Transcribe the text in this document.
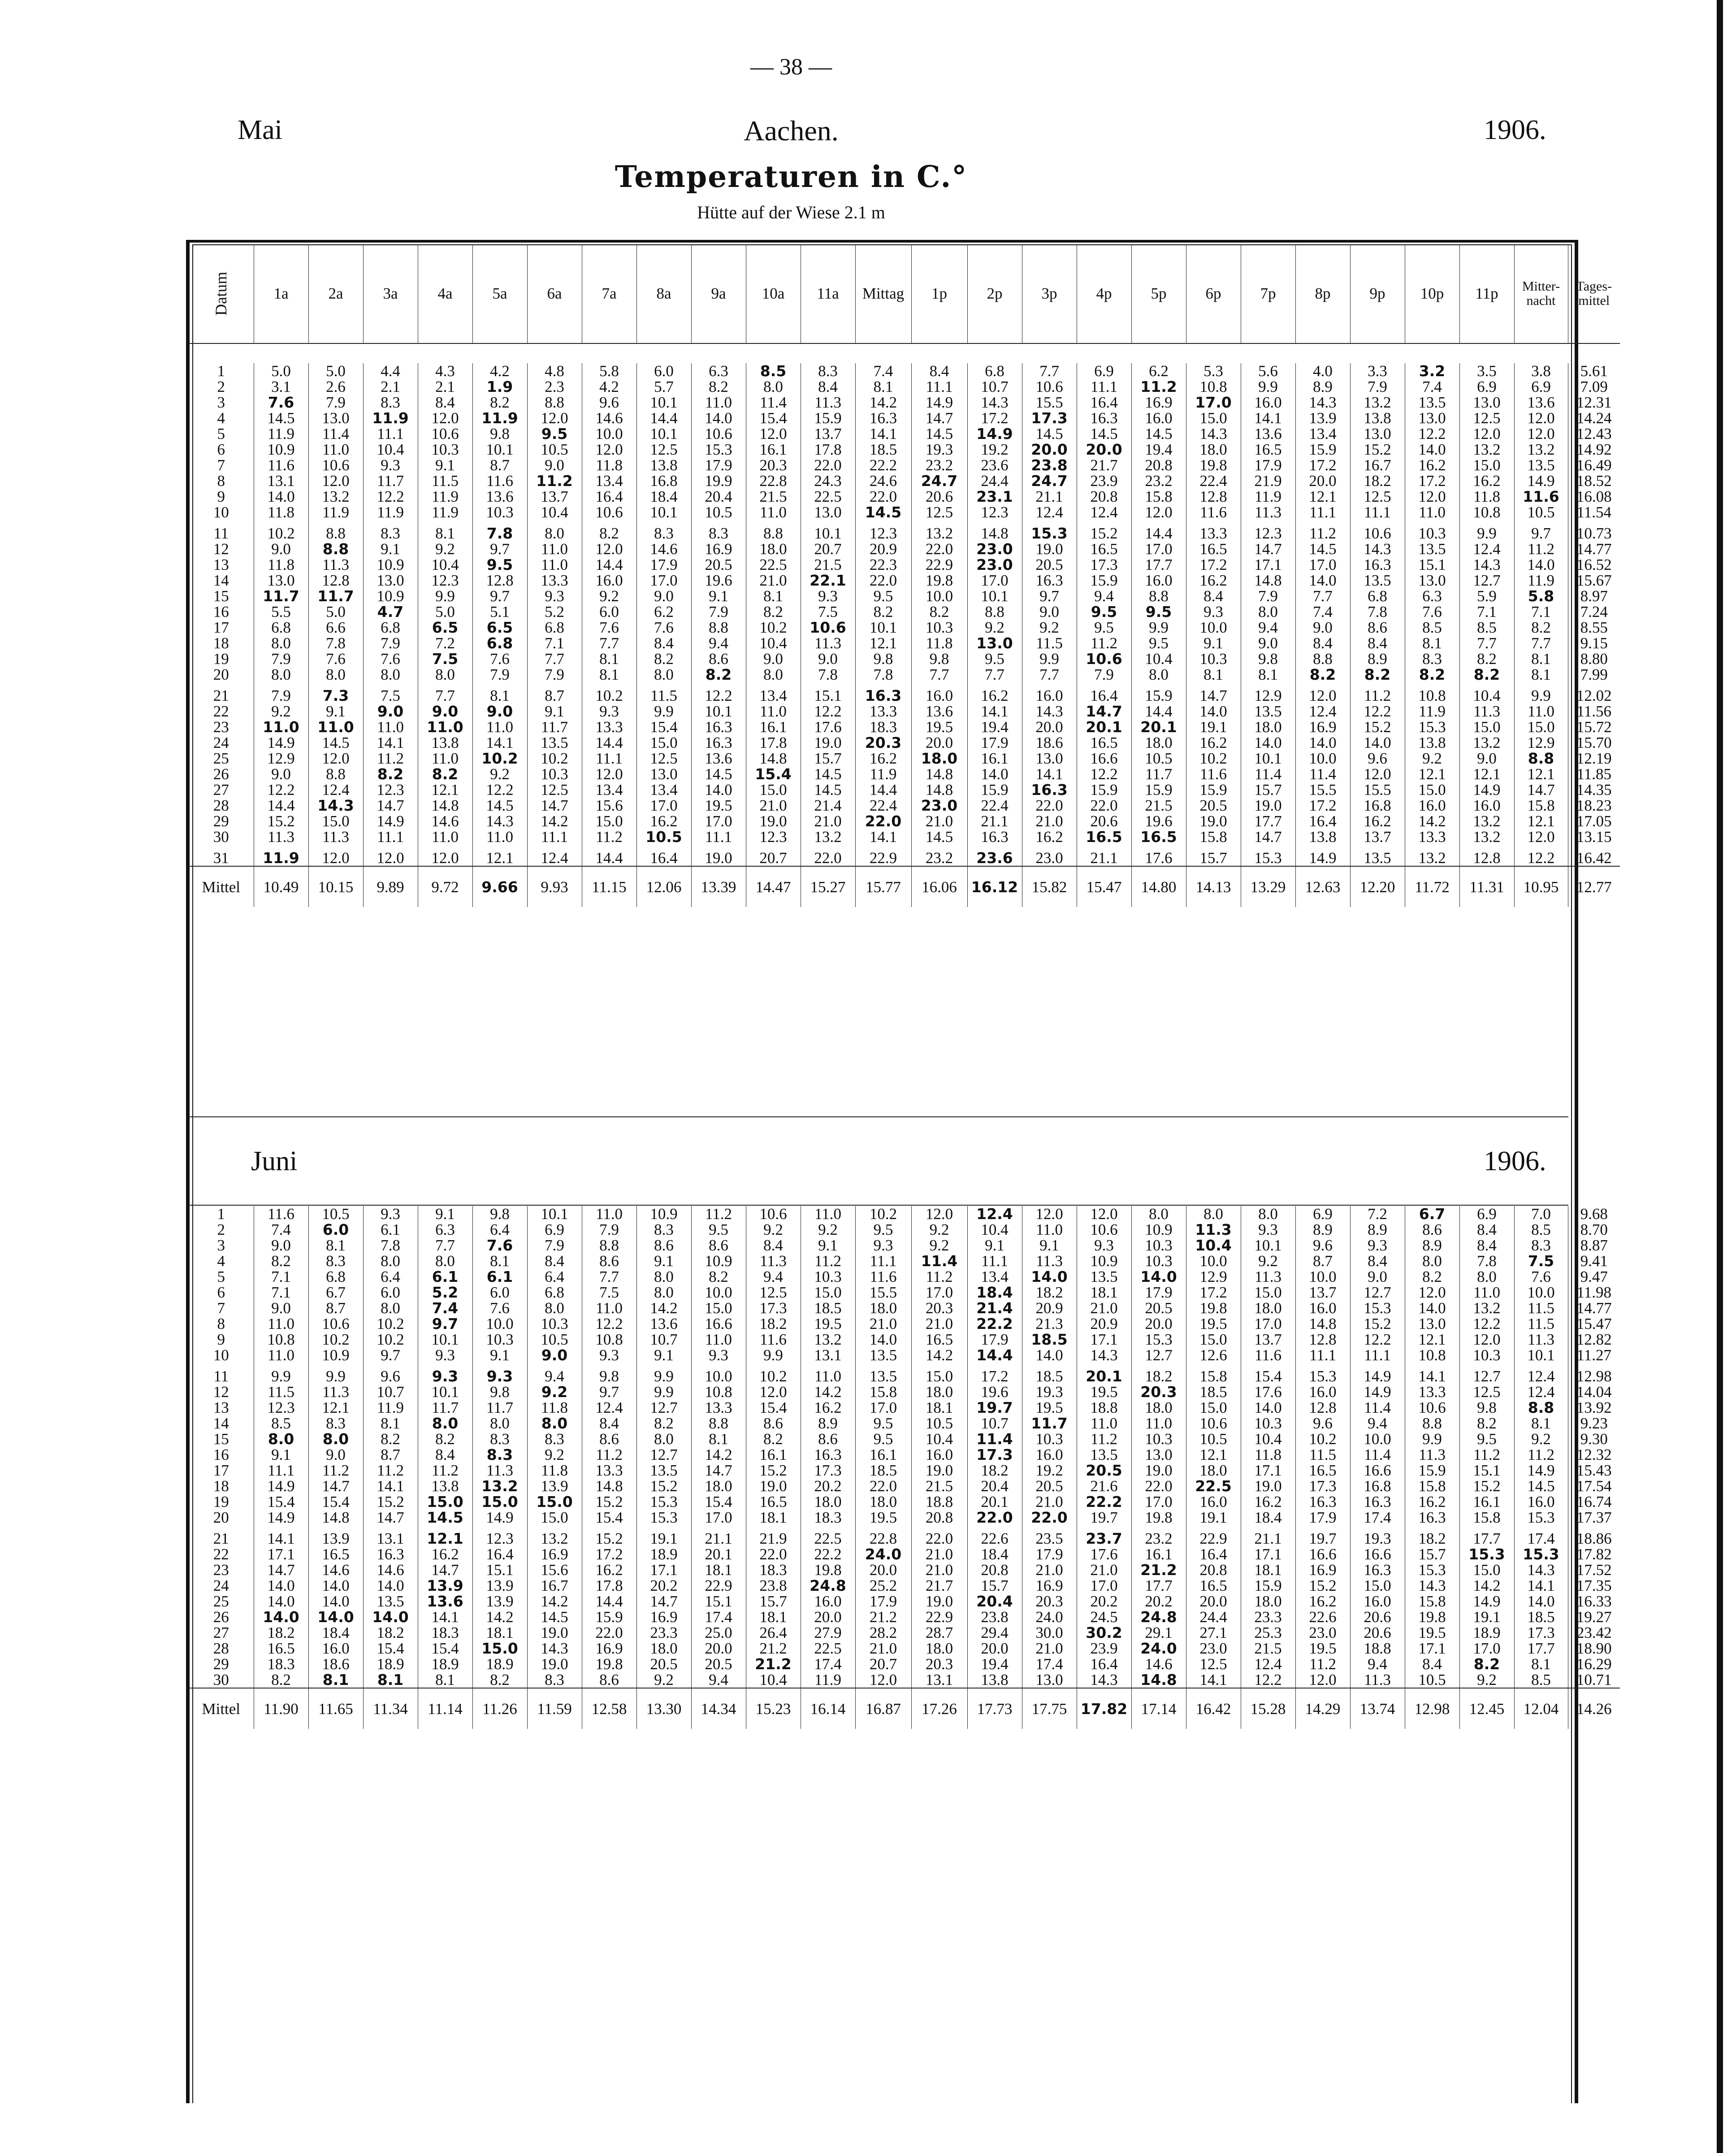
— 38 —
Mai	Aachen.	1906.
Temperaturen in C.°
Hütte auf der Wiese 2.1 m
Datum	1a	2a	3a	4a	5a	6a	7a	8a	9a	10a	11a	Mittag	1p	2p	3p	4p	5p	6p	7p	8p	9p	10p	11p	Mitter-
nacht	Tages-
mittel
1	5.0	5.0	4.4	4.3	4.2	4.8	5.8	6.0	6.3	8.5	8.3	7.4	8.4	6.8	7.7	6.9	6.2	5.3	5.6	4.0	3.3	3.2	3.5	3.8	5.61
2	3.1	2.6	2.1	2.1	1.9	2.3	4.2	5.7	8.2	8.0	8.4	8.1	11.1	10.7	10.6	11.1	11.2	10.8	9.9	8.9	7.9	7.4	6.9	6.9	7.09
3	7.6	7.9	8.3	8.4	8.2	8.8	9.6	10.1	11.0	11.4	11.3	14.2	14.9	14.3	15.5	16.4	16.9	17.0	16.0	14.3	13.2	13.5	13.0	13.6	12.31
4	14.5	13.0	11.9	12.0	11.9	12.0	14.6	14.4	14.0	15.4	15.9	16.3	14.7	17.2	17.3	16.3	16.0	15.0	14.1	13.9	13.8	13.0	12.5	12.0	14.24
5	11.9	11.4	11.1	10.6	9.8	9.5	10.0	10.1	10.6	12.0	13.7	14.1	14.5	14.9	14.5	14.5	14.5	14.3	13.6	13.4	13.0	12.2	12.0	12.0	12.43
6	10.9	11.0	10.4	10.3	10.1	10.5	12.0	12.5	15.3	16.1	17.8	18.5	19.3	19.2	20.0	20.0	19.4	18.0	16.5	15.9	15.2	14.0	13.2	13.2	14.92
7	11.6	10.6	9.3	9.1	8.7	9.0	11.8	13.8	17.9	20.3	22.0	22.2	23.2	23.6	23.8	21.7	20.8	19.8	17.9	17.2	16.7	16.2	15.0	13.5	16.49
8	13.1	12.0	11.7	11.5	11.6	11.2	13.4	16.8	19.9	22.8	24.3	24.6	24.7	24.4	24.7	23.9	23.2	22.4	21.9	20.0	18.2	17.2	16.2	14.9	18.52
9	14.0	13.2	12.2	11.9	13.6	13.7	16.4	18.4	20.4	21.5	22.5	22.0	20.6	23.1	21.1	20.8	15.8	12.8	11.9	12.1	12.5	12.0	11.8	11.6	16.08
10	11.8	11.9	11.9	11.9	10.3	10.4	10.6	10.1	10.5	11.0	13.0	14.5	12.5	12.3	12.4	12.4	12.0	11.6	11.3	11.1	11.1	11.0	10.8	10.5	11.54
11	10.2	8.8	8.3	8.1	7.8	8.0	8.2	8.3	8.3	8.8	10.1	12.3	13.2	14.8	15.3	15.2	14.4	13.3	12.3	11.2	10.6	10.3	9.9	9.7	10.73
12	9.0	8.8	9.1	9.2	9.7	11.0	12.0	14.6	16.9	18.0	20.7	20.9	22.0	23.0	19.0	16.5	17.0	16.5	14.7	14.5	14.3	13.5	12.4	11.2	14.77
13	11.8	11.3	10.9	10.4	9.5	11.0	14.4	17.9	20.5	22.5	21.5	22.3	22.9	23.0	20.5	17.3	17.7	17.2	17.1	17.0	16.3	15.1	14.3	14.0	16.52
14	13.0	12.8	13.0	12.3	12.8	13.3	16.0	17.0	19.6	21.0	22.1	22.0	19.8	17.0	16.3	15.9	16.0	16.2	14.8	14.0	13.5	13.0	12.7	11.9	15.67
15	11.7	11.7	10.9	9.9	9.7	9.3	9.2	9.0	9.1	8.1	9.3	9.5	10.0	10.1	9.7	9.4	8.8	8.4	7.9	7.7	6.8	6.3	5.9	5.8	8.97
16	5.5	5.0	4.7	5.0	5.1	5.2	6.0	6.2	7.9	8.2	7.5	8.2	8.2	8.8	9.0	9.5	9.5	9.3	8.0	7.4	7.8	7.6	7.1	7.1	7.24
17	6.8	6.6	6.8	6.5	6.5	6.8	7.6	7.6	8.8	10.2	10.6	10.1	10.3	9.2	9.2	9.5	9.9	10.0	9.4	9.0	8.6	8.5	8.5	8.2	8.55
18	8.0	7.8	7.9	7.2	6.8	7.1	7.7	8.4	9.4	10.4	11.3	12.1	11.8	13.0	11.5	11.2	9.5	9.1	9.0	8.4	8.4	8.1	7.7	7.7	9.15
19	7.9	7.6	7.6	7.5	7.6	7.7	8.1	8.2	8.6	9.0	9.0	9.8	9.8	9.5	9.9	10.6	10.4	10.3	9.8	8.8	8.9	8.3	8.2	8.1	8.80
20	8.0	8.0	8.0	8.0	7.9	7.9	8.1	8.0	8.2	8.0	7.8	7.8	7.7	7.7	7.7	7.9	8.0	8.1	8.1	8.2	8.2	8.2	8.2	8.1	7.99
21	7.9	7.3	7.5	7.7	8.1	8.7	10.2	11.5	12.2	13.4	15.1	16.3	16.0	16.2	16.0	16.4	15.9	14.7	12.9	12.0	11.2	10.8	10.4	9.9	12.02
22	9.2	9.1	9.0	9.0	9.0	9.1	9.3	9.9	10.1	11.0	12.2	13.3	13.6	14.1	14.3	14.7	14.4	14.0	13.5	12.4	12.2	11.9	11.3	11.0	11.56
23	11.0	11.0	11.0	11.0	11.0	11.7	13.3	15.4	16.3	16.1	17.6	18.3	19.5	19.4	20.0	20.1	20.1	19.1	18.0	16.9	15.2	15.3	15.0	15.0	15.72
24	14.9	14.5	14.1	13.8	14.1	13.5	14.4	15.0	16.3	17.8	19.0	20.3	20.0	17.9	18.6	16.5	18.0	16.2	14.0	14.0	14.0	13.8	13.2	12.9	15.70
25	12.9	12.0	11.2	11.0	10.2	10.2	11.1	12.5	13.6	14.8	15.7	16.2	18.0	16.1	13.0	16.6	10.5	10.2	10.1	10.0	9.6	9.2	9.0	8.8	12.19
26	9.0	8.8	8.2	8.2	9.2	10.3	12.0	13.0	14.5	15.4	14.5	11.9	14.8	14.0	14.1	12.2	11.7	11.6	11.4	11.4	12.0	12.1	12.1	12.1	11.85
27	12.2	12.4	12.3	12.1	12.2	12.5	13.4	13.4	14.0	15.0	14.5	14.4	14.8	15.9	16.3	15.9	15.9	15.9	15.7	15.5	15.5	15.0	14.9	14.7	14.35
28	14.4	14.3	14.7	14.8	14.5	14.7	15.6	17.0	19.5	21.0	21.4	22.4	23.0	22.4	22.0	22.0	21.5	20.5	19.0	17.2	16.8	16.0	16.0	15.8	18.23
29	15.2	15.0	14.9	14.6	14.3	14.2	15.0	16.2	17.0	19.0	21.0	22.0	21.0	21.1	21.0	20.6	19.6	19.0	17.7	16.4	16.2	14.2	13.2	12.1	17.05
30	11.3	11.3	11.1	11.0	11.0	11.1	11.2	10.5	11.1	12.3	13.2	14.1	14.5	16.3	16.2	16.5	16.5	15.8	14.7	13.8	13.7	13.3	13.2	12.0	13.15
31	11.9	12.0	12.0	12.0	12.1	12.4	14.4	16.4	19.0	20.7	22.0	22.9	23.2	23.6	23.0	21.1	17.6	15.7	15.3	14.9	13.5	13.2	12.8	12.2	16.42
Mittel	10.49	10.15	9.89	9.72	9.66	9.93	11.15	12.06	13.39	14.47	15.27	15.77	16.06	16.12	15.82	15.47	14.80	14.13	13.29	12.63	12.20	11.72	11.31	10.95	12.77
Juni	1906.
1	11.6	10.5	9.3	9.1	9.8	10.1	11.0	10.9	11.2	10.6	11.0	10.2	12.0	12.4	12.0	12.0	8.0	8.0	8.0	6.9	7.2	6.7	6.9	7.0	9.68
2	7.4	6.0	6.1	6.3	6.4	6.9	7.9	8.3	9.5	9.2	9.2	9.5	9.2	10.4	11.0	10.6	10.9	11.3	9.3	8.9	8.9	8.6	8.4	8.5	8.70
3	9.0	8.1	7.8	7.7	7.6	7.9	8.8	8.6	8.6	8.4	9.1	9.3	9.2	9.1	9.1	9.3	10.3	10.4	10.1	9.6	9.3	8.9	8.4	8.3	8.87
4	8.2	8.3	8.0	8.0	8.1	8.4	8.6	9.1	10.9	11.3	11.2	11.1	11.4	11.1	11.3	10.9	10.3	10.0	9.2	8.7	8.4	8.0	7.8	7.5	9.41
5	7.1	6.8	6.4	6.1	6.1	6.4	7.7	8.0	8.2	9.4	10.3	11.6	11.2	13.4	14.0	13.5	14.0	12.9	11.3	10.0	9.0	8.2	8.0	7.6	9.47
6	7.1	6.7	6.0	5.2	6.0	6.8	7.5	8.0	10.0	12.5	15.0	15.5	17.0	18.4	18.2	18.1	17.9	17.2	15.0	13.7	12.7	12.0	11.0	10.0	11.98
7	9.0	8.7	8.0	7.4	7.6	8.0	11.0	14.2	15.0	17.3	18.5	18.0	20.3	21.4	20.9	21.0	20.5	19.8	18.0	16.0	15.3	14.0	13.2	11.5	14.77
8	11.0	10.6	10.2	9.7	10.0	10.3	12.2	13.6	16.6	18.2	19.5	21.0	21.0	22.2	21.3	20.9	20.0	19.5	17.0	14.8	15.2	13.0	12.2	11.5	15.47
9	10.8	10.2	10.2	10.1	10.3	10.5	10.8	10.7	11.0	11.6	13.2	14.0	16.5	17.9	18.5	17.1	15.3	15.0	13.7	12.8	12.2	12.1	12.0	11.3	12.82
10	11.0	10.9	9.7	9.3	9.1	9.0	9.3	9.1	9.3	9.9	13.1	13.5	14.2	14.4	14.0	14.3	12.7	12.6	11.6	11.1	11.1	10.8	10.3	10.1	11.27
11	9.9	9.9	9.6	9.3	9.3	9.4	9.8	9.9	10.0	10.2	11.0	13.5	15.0	17.2	18.5	20.1	18.2	15.8	15.4	15.3	14.9	14.1	12.7	12.4	12.98
12	11.5	11.3	10.7	10.1	9.8	9.2	9.7	9.9	10.8	12.0	14.2	15.8	18.0	19.6	19.3	19.5	20.3	18.5	17.6	16.0	14.9	13.3	12.5	12.4	14.04
13	12.3	12.1	11.9	11.7	11.7	11.8	12.4	12.7	13.3	15.4	16.2	17.0	18.1	19.7	19.5	18.8	18.0	15.0	14.0	12.8	11.4	10.6	9.8	8.8	13.92
14	8.5	8.3	8.1	8.0	8.0	8.0	8.4	8.2	8.8	8.6	8.9	9.5	10.5	10.7	11.7	11.0	11.0	10.6	10.3	9.6	9.4	8.8	8.2	8.1	9.23
15	8.0	8.0	8.2	8.2	8.3	8.3	8.6	8.0	8.1	8.2	8.6	9.5	10.4	11.4	10.3	11.2	10.3	10.5	10.4	10.2	10.0	9.9	9.5	9.2	9.30
16	9.1	9.0	8.7	8.4	8.3	9.2	11.2	12.7	14.2	16.1	16.3	16.1	16.0	17.3	16.0	13.5	13.0	12.1	11.8	11.5	11.4	11.3	11.2	11.2	12.32
17	11.1	11.2	11.2	11.2	11.3	11.8	13.3	13.5	14.7	15.2	17.3	18.5	19.0	18.2	19.2	20.5	19.0	18.0	17.1	16.5	16.6	15.9	15.1	14.9	15.43
18	14.9	14.7	14.1	13.8	13.2	13.9	14.8	15.2	18.0	19.0	20.2	22.0	21.5	20.4	20.5	21.6	22.0	22.5	19.0	17.3	16.8	15.8	15.2	14.5	17.54
19	15.4	15.4	15.2	15.0	15.0	15.0	15.2	15.3	15.4	16.5	18.0	18.0	18.8	20.1	21.0	22.2	17.0	16.0	16.2	16.3	16.3	16.2	16.1	16.0	16.74
20	14.9	14.8	14.7	14.5	14.9	15.0	15.4	15.3	17.0	18.1	18.3	19.5	20.8	22.0	22.0	19.7	19.8	19.1	18.4	17.9	17.4	16.3	15.8	15.3	17.37
21	14.1	13.9	13.1	12.1	12.3	13.2	15.2	19.1	21.1	21.9	22.5	22.8	22.0	22.6	23.5	23.7	23.2	22.9	21.1	19.7	19.3	18.2	17.7	17.4	18.86
22	17.1	16.5	16.3	16.2	16.4	16.9	17.2	18.9	20.1	22.0	22.2	24.0	21.0	18.4	17.9	17.6	16.1	16.4	17.1	16.6	16.6	15.7	15.3	15.3	17.82
23	14.7	14.6	14.6	14.7	15.1	15.6	16.2	17.1	18.1	18.3	19.8	20.0	21.0	20.8	21.0	21.0	21.2	20.8	18.1	16.9	16.3	15.3	15.0	14.3	17.52
24	14.0	14.0	14.0	13.9	13.9	16.7	17.8	20.2	22.9	23.8	24.8	25.2	21.7	15.7	16.9	17.0	17.7	16.5	15.9	15.2	15.0	14.3	14.2	14.1	17.35
25	14.0	14.0	13.5	13.6	13.9	14.2	14.4	14.7	15.1	15.7	16.0	17.9	19.0	20.4	20.3	20.2	20.2	20.0	18.0	16.2	16.0	15.8	14.9	14.0	16.33
26	14.0	14.0	14.0	14.1	14.2	14.5	15.9	16.9	17.4	18.1	20.0	21.2	22.9	23.8	24.0	24.5	24.8	24.4	23.3	22.6	20.6	19.8	19.1	18.5	19.27
27	18.2	18.4	18.2	18.3	18.1	19.0	22.0	23.3	25.0	26.4	27.9	28.2	28.7	29.4	30.0	30.2	29.1	27.1	25.3	23.0	20.6	19.5	18.9	17.3	23.42
28	16.5	16.0	15.4	15.4	15.0	14.3	16.9	18.0	20.0	21.2	22.5	21.0	18.0	20.0	21.0	23.9	24.0	23.0	21.5	19.5	18.8	17.1	17.0	17.7	18.90
29	18.3	18.6	18.9	18.9	18.9	19.0	19.8	20.5	20.5	21.2	17.4	20.7	20.3	19.4	17.4	16.4	14.6	12.5	12.4	11.2	9.4	8.4	8.2	8.1	16.29
30	8.2	8.1	8.1	8.1	8.2	8.3	8.6	9.2	9.4	10.4	11.9	12.0	13.1	13.8	13.0	14.3	14.8	14.1	12.2	12.0	11.3	10.5	9.2	8.5	10.71
Mittel	11.90	11.65	11.34	11.14	11.26	11.59	12.58	13.30	14.34	15.23	16.14	16.87	17.26	17.73	17.75	17.82	17.14	16.42	15.28	14.29	13.74	12.98	12.45	12.04	14.26
